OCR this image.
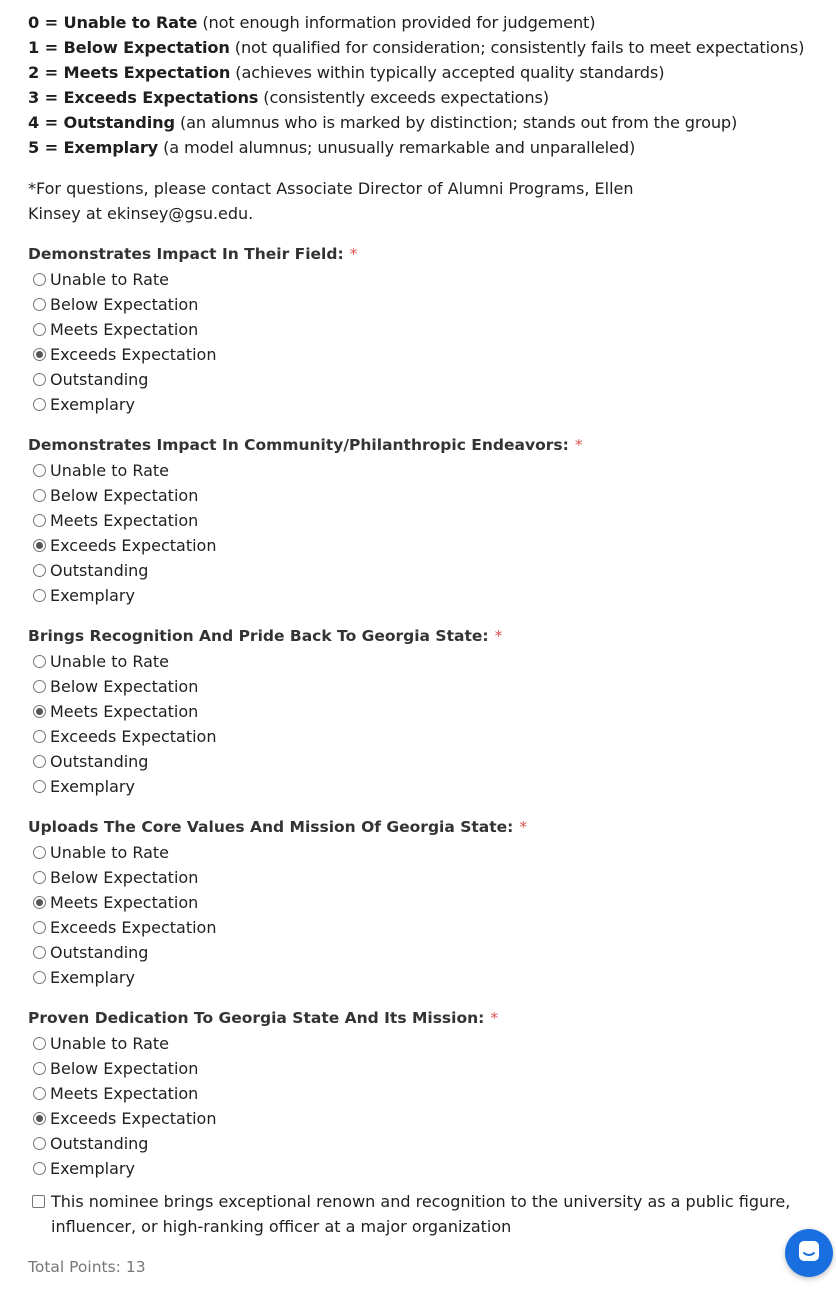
0 = Unable to Rate (not enough information provided for judgement)
1 = Below Expectation (not qualified for consideration; consistently fails to meet expectations)
2 = Meets Expectation (achieves within typically accepted quality standards)
3 = Exceeds Expectations (consistently exceeds expectations)
4 = Outstanding (an alumnus who is marked by distinction; stands out from the group)
5 = Exemplary (a model alumnus; unusually remarkable and unparalleled)

*For questions, please contact Associate Director of Alumni Programs, Ellen Kinsey at ekinsey@gsu.edu.

Demonstrates Impact In Their Field: *
Unable to Rate
Below Expectation
Meets Expectation
Exceeds Expectation
Outstanding
Exemplary
Demonstrates Impact In Community/Philanthropic Endeavors: *
Unable to Rate
Below Expectation
Meets Expectation
Exceeds Expectation
Outstanding
Exemplary
Brings Recognition And Pride Back To Georgia State: *
Unable to Rate
Below Expectation
Meets Expectation
Exceeds Expectation
Outstanding
Exemplary
Uploads The Core Values And Mission Of Georgia State: *
Unable to Rate
Below Expectation
Meets Expectation
Exceeds Expectation
Outstanding
Exemplary
Proven Dedication To Georgia State And Its Mission: *
Unable to Rate
Below Expectation
Meets Expectation
Exceeds Expectation
Outstanding
Exemplary
This nominee brings exceptional renown and recognition to the university as a public figure, influencer, or high-ranking officer at a major organization
Total Points: 13
